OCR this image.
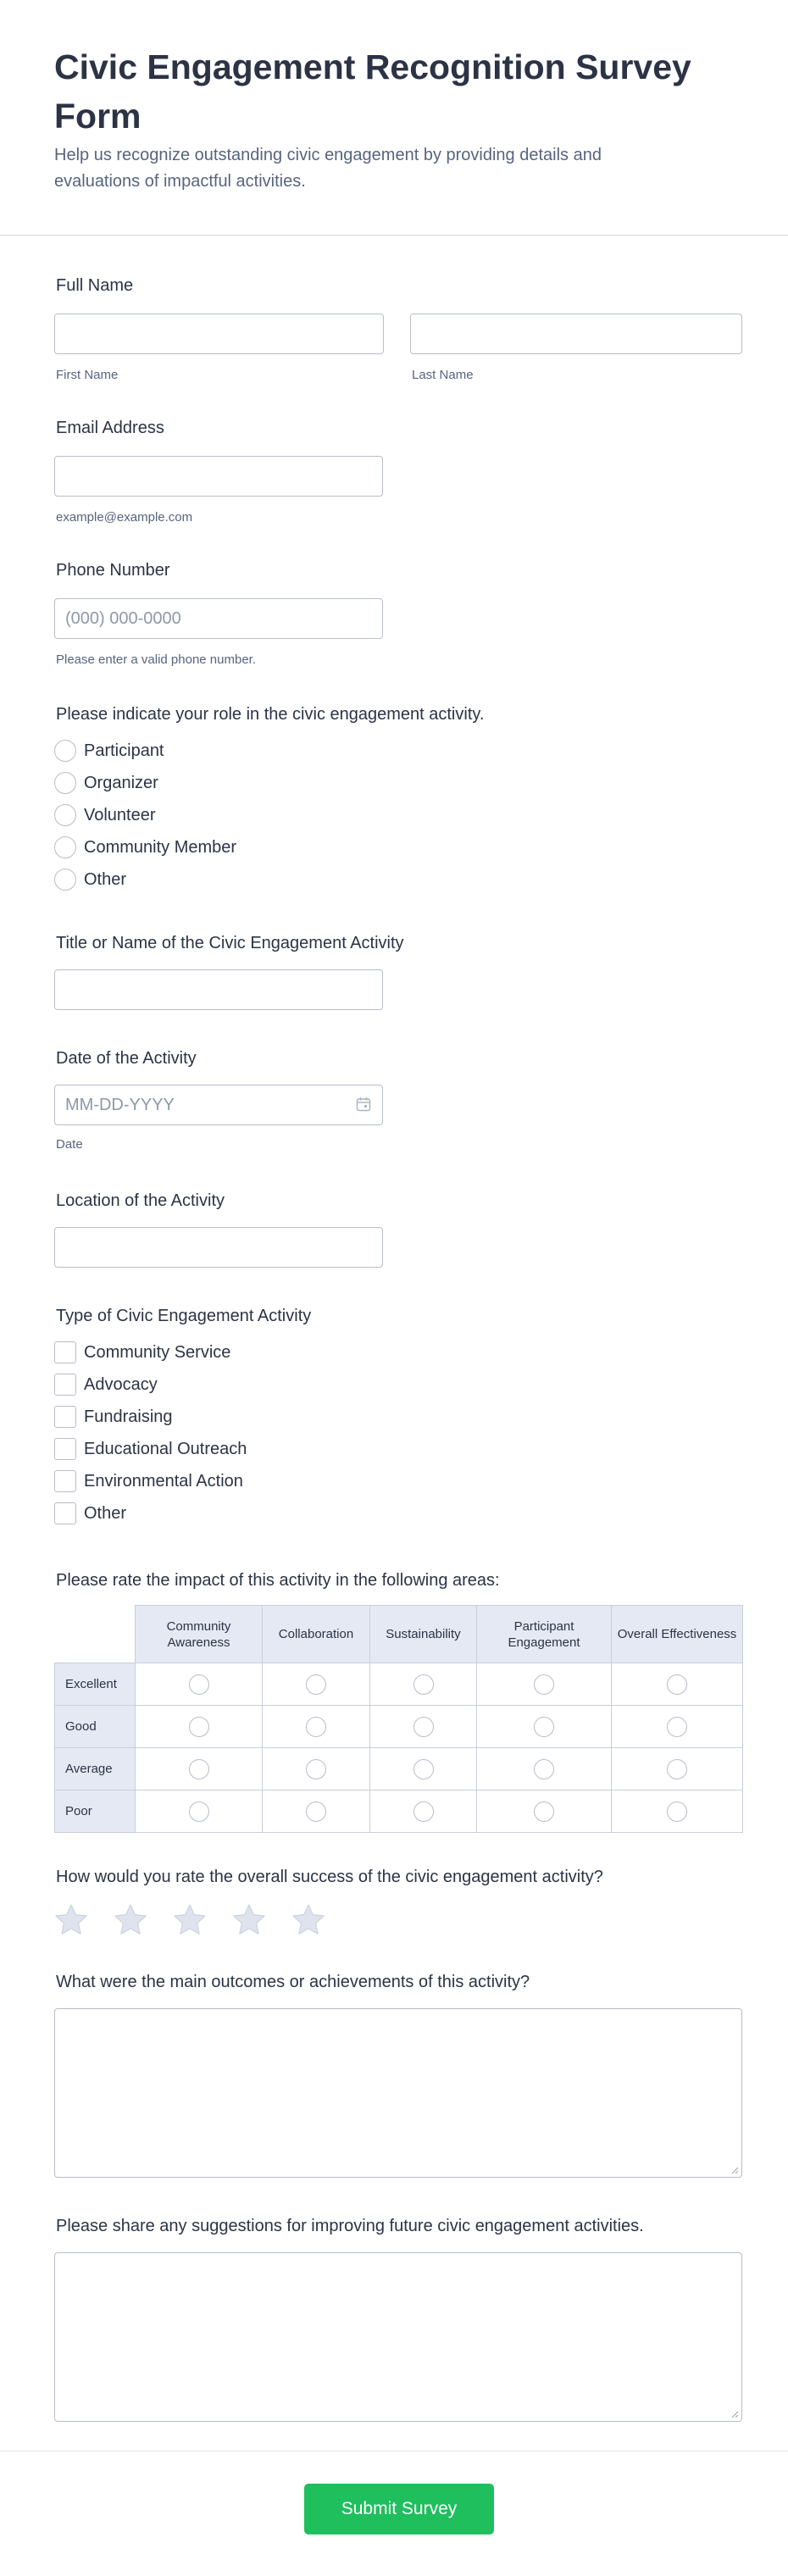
Civic Engagement Recognition Survey Form
Help us recognize outstanding civic engagement by providing details and evaluations of impactful activities.
Full Name
First Name	Last Name
Email Address
example@example.com
Phone Number
(000) 000-0000
Please enter a valid phone number.
Please indicate your role in the civic engagement activity.
Participant
Organizer
Volunteer
Community Member
Other
Title or Name of the Civic Engagement Activity
Date of the Activity
MM-DD-YYYY
Date
Location of the Activity
Type of Civic Engagement Activity
Community Service
Advocacy
Fundraising
Educational Outreach
Environmental Action
Other
Please rate the impact of this activity in the following areas:
	Community Awareness	Collaboration	Sustainability	Participant Engagement	Overall Effectiveness
Excellent					
Good					
Average					
Poor					
How would you rate the overall success of the civic engagement activity?
What were the main outcomes or achievements of this activity?
Please share any suggestions for improving future civic engagement activities.
Submit Survey
